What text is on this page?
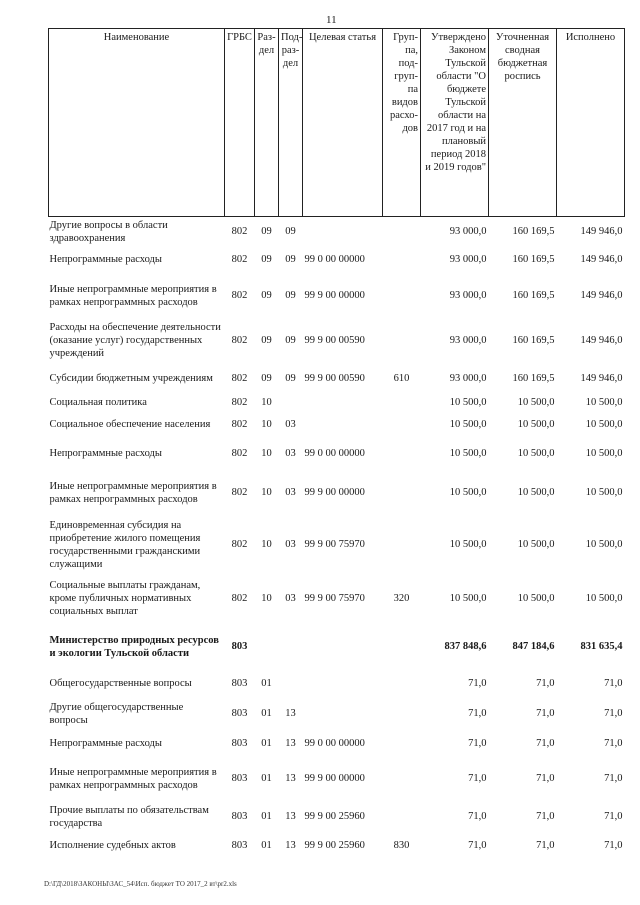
11
Наименование	ГРБС	Раз-дел	Под-раз-дел	Целевая статья	Груп-па, под-груп-па видов расхо-дов	Утверждено Законом Тульской области "О бюджете Тульской области на 2017 год и на плановый период 2018 и 2019 годов"	Уточненная сводная бюджетная роспись	Исполнено
Другие вопросы в области здравоохранения	802	09	09			93 000,0	160 169,5	149 946,0
Непрограммные расходы	802	09	09	99 0 00 00000		93 000,0	160 169,5	149 946,0
Иные непрограммные мероприятия в рамках непрограммных расходов	802	09	09	99 9 00 00000		93 000,0	160 169,5	149 946,0
Расходы на обеспечение деятельности (оказание услуг) государственных учреждений	802	09	09	99 9 00 00590		93 000,0	160 169,5	149 946,0
Субсидии бюджетным учреждениям	802	09	09	99 9 00 00590	610	93 000,0	160 169,5	149 946,0
Социальная политика	802	10				10 500,0	10 500,0	10 500,0
Социальное обеспечение населения	802	10	03			10 500,0	10 500,0	10 500,0
Непрограммные расходы	802	10	03	99 0 00 00000		10 500,0	10 500,0	10 500,0
Иные непрограммные мероприятия в рамках непрограммных расходов	802	10	03	99 9 00 00000		10 500,0	10 500,0	10 500,0
Единовременная субсидия на приобретение жилого помещения государственными гражданскими служащими	802	10	03	99 9 00 75970		10 500,0	10 500,0	10 500,0
Социальные выплаты гражданам, кроме публичных нормативных социальных выплат	802	10	03	99 9 00 75970	320	10 500,0	10 500,0	10 500,0
Министерство природных ресурсов и экологии Тульской области	803					837 848,6	847 184,6	831 635,4
Общегосударственные вопросы	803	01				71,0	71,0	71,0
Другие общегосударственные вопросы	803	01	13			71,0	71,0	71,0
Непрограммные расходы	803	01	13	99 0 00 00000		71,0	71,0	71,0
Иные непрограммные мероприятия в рамках непрограммных расходов	803	01	13	99 9 00 00000		71,0	71,0	71,0
Прочие выплаты по обязательствам государства	803	01	13	99 9 00 25960		71,0	71,0	71,0
Исполнение судебных актов	803	01	13	99 9 00 25960	830	71,0	71,0	71,0
D:\ГД\2018\ЗАКОНЫ\ЗАС_54\Исп. бюджет ТО 2017_2 вт\pr2.xls
